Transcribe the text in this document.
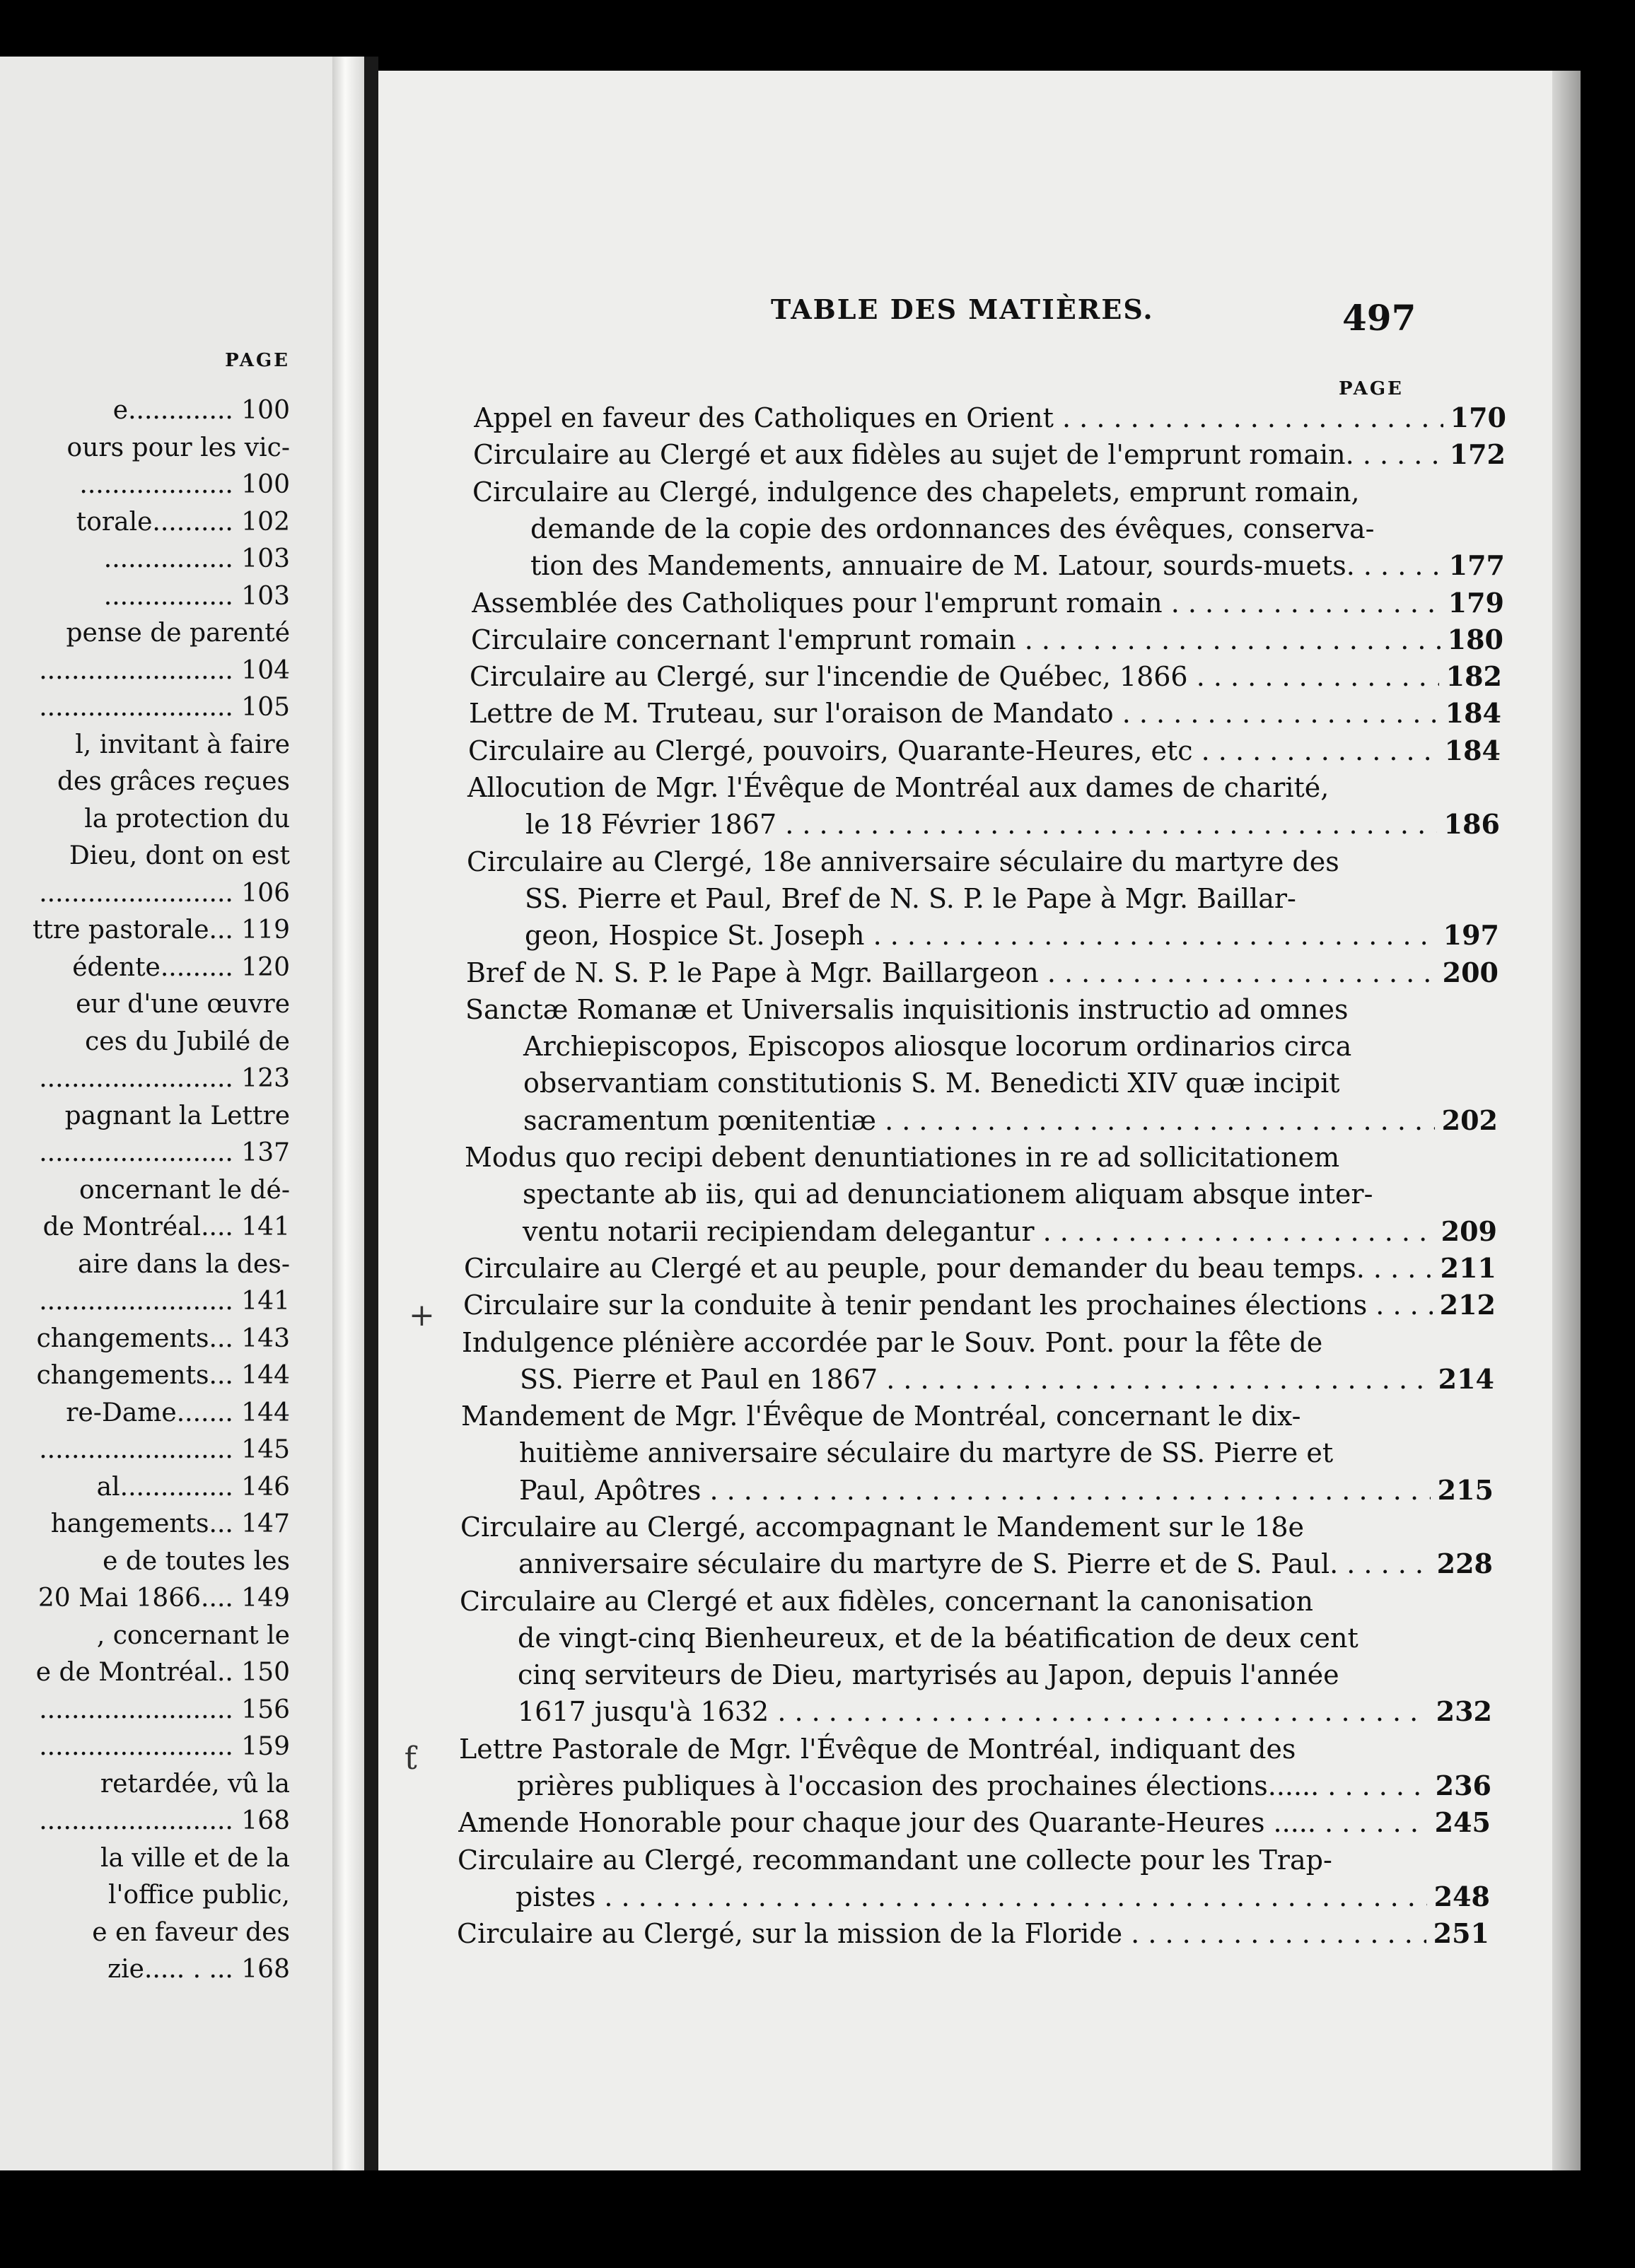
PAGE
e............. 100
ours pour les vic-
................... 100
torale.......... 102
................ 103
................ 103
pense de parenté
........................ 104
........................ 105
l, invitant à faire
des grâces reçues
la protection du
Dieu, dont on est
........................ 106
ttre pastorale... 119
édente......... 120
eur d'une œuvre
ces du Jubilé de
........................ 123
pagnant la Lettre
........................ 137
oncernant le dé-
de Montréal.... 141
aire dans la des-
........................ 141
changements... 143
changements... 144
re-Dame....... 144
........................ 145
al.............. 146
hangements... 147
e de toutes les
20 Mai 1866.... 149
, concernant le
e de Montréal.. 150
........................ 156
........................ 159
retardée, vû la
........................ 168
la ville et de la
l'office public,
e en faveur des
zie..... . ... 168
TABLE DES MATIÈRES.	497
PAGE
Appel en faveur des Catholiques en Orient . . .	170
Circulaire au Clergé et aux fidèles au sujet de l'emprunt romain. . . .	172
Circulaire au Clergé, indulgence des chapelets, emprunt romain,
demande de la copie des ordonnances des évêques, conserva-
tion des Mandements, annuaire de M. Latour, sourds-muets. . . .	177
Assemblée des Catholiques pour l'emprunt romain . . .	179
Circulaire concernant l'emprunt romain . . .	180
Circulaire au Clergé, sur l'incendie de Québec, 1866 . . .	182
Lettre de M. Truteau, sur l'oraison de Mandato . . .	184
Circulaire au Clergé, pouvoirs, Quarante-Heures, etc . . .	184
Allocution de Mgr. l'Évêque de Montréal aux dames de charité,
le 18 Février 1867 . . .	186
Circulaire au Clergé, 18e anniversaire séculaire du martyre des
SS. Pierre et Paul, Bref de N. S. P. le Pape à Mgr. Baillar-
geon, Hospice St. Joseph . . .	197
Bref de N. S. P. le Pape à Mgr. Baillargeon . . .	200
Sanctæ Romanæ et Universalis inquisitionis instructio ad omnes
Archiepiscopos, Episcopos aliosque locorum ordinarios circa
observantiam constitutionis S. M. Benedicti XIV quæ incipit
sacramentum pœnitentiæ . . .	202
Modus quo recipi debent denuntiationes in re ad sollicitationem
spectante ab iis, qui ad denunciationem aliquam absque inter-
ventu notarii recipiendam delegantur . . .	209
Circulaire au Clergé et au peuple, pour demander du beau temps. . . .	211
Circulaire sur la conduite à tenir pendant les prochaines élections . . .	212
Indulgence plénière accordée par le Souv. Pont. pour la fête de
SS. Pierre et Paul en 1867 . . .	214
Mandement de Mgr. l'Évêque de Montréal, concernant le dix-
huitième anniversaire séculaire du martyre de SS. Pierre et
Paul, Apôtres . . .	215
Circulaire au Clergé, accompagnant le Mandement sur le 18e
anniversaire séculaire du martyre de S. Pierre et de S. Paul. . . .	228
Circulaire au Clergé et aux fidèles, concernant la canonisation
de vingt-cinq Bienheureux, et de la béatification de deux cent
cinq serviteurs de Dieu, martyrisés au Japon, depuis l'année
1617 jusqu'à 1632 . . .	232
Lettre Pastorale de Mgr. l'Évêque de Montréal, indiquant des
prières publiques à l'occasion des prochaines élections...... . . .	236
Amende Honorable pour chaque jour des Quarante-Heures ..... . . .	245
Circulaire au Clergé, recommandant une collecte pour les Trap-
pistes . . .	248
Circulaire au Clergé, sur la mission de la Floride . . .	251
+
ƭ
